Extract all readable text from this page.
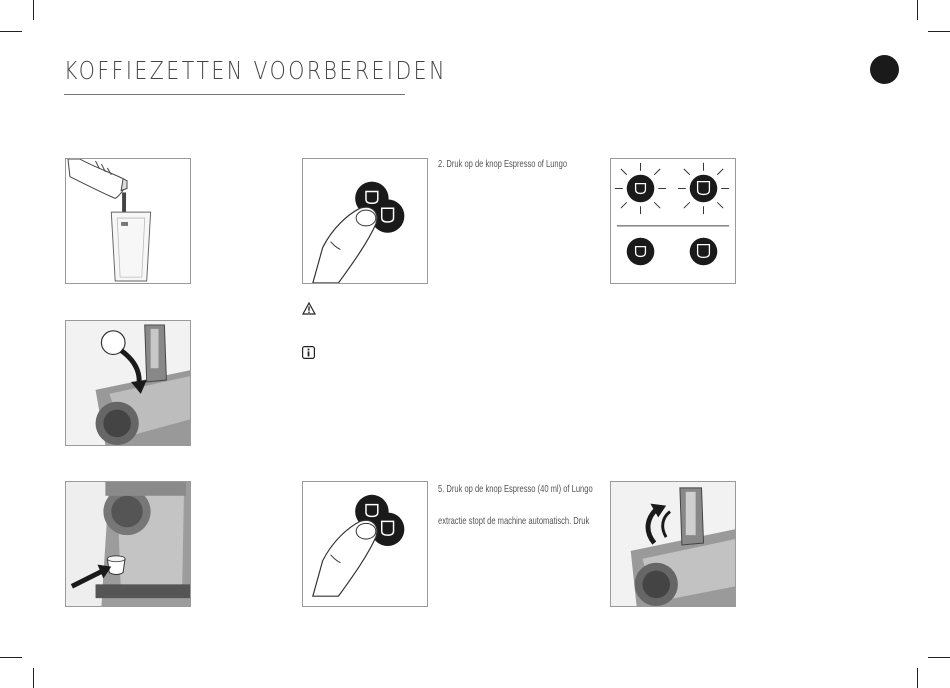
KOFFIEZETTEN VOORBEREIDEN
2. Druk op de knop Espresso of Lungo
5. Druk op de knop Espresso (40 ml) of Lungo
extractie stopt de machine automatisch. Druk
